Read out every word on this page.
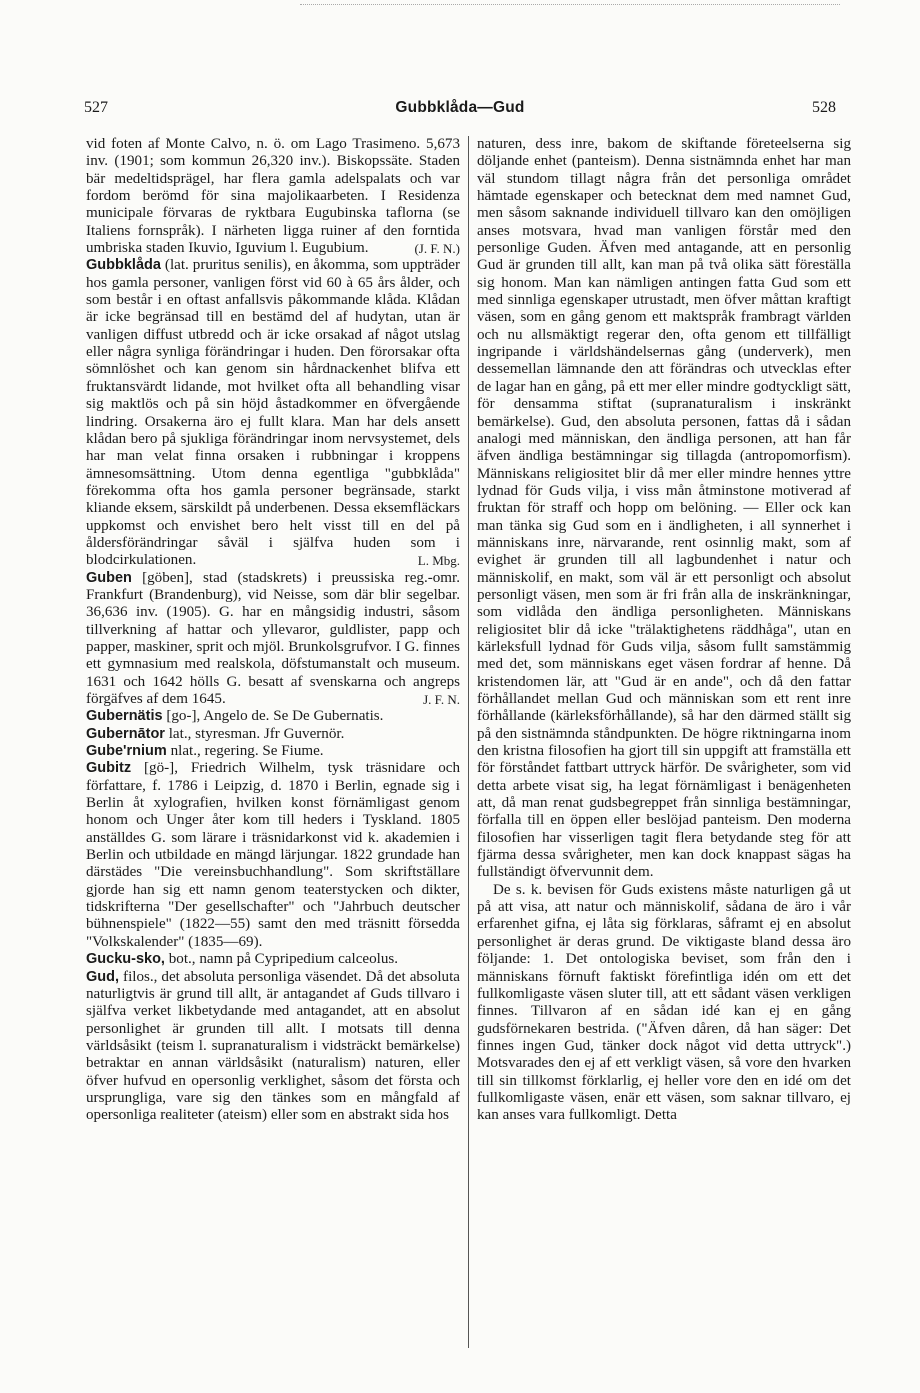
527	Gubbklåda—Gud	528

vid foten af Monte Calvo, n. ö. om Lago Trasimeno. 5,673 inv. (1901; som kommun 26,320 inv.). Biskopssäte. Staden bär medeltidsprägel, har flera gamla adelspalats och var fordom berömd för sina majolikaarbeten. I Residenza municipale förvaras de ryktbara Eugubinska taflorna (se Italiens fornspråk). I närheten ligga ruiner af den forntida umbriska staden Ikuvio, Iguvium l. Eugubium.	(J. F. N.)

Gubbklåda (lat. pruritus senilis), en åkomma, som uppträder hos gamla personer, vanligen först vid 60 à 65 års ålder, och som består i en oftast anfallsvis påkommande klåda. Klådan är icke begränsad till en bestämd del af hudytan, utan är vanligen diffust utbredd och är icke orsakad af något utslag eller några synliga förändringar i huden. Den förorsakar ofta sömnlöshet och kan genom sin hårdnackenhet blifva ett fruktansvärdt lidande, mot hvilket ofta all behandling visar sig maktlös och på sin höjd åstadkommer en öfvergående lindring. Orsakerna äro ej fullt klara. Man har dels ansett klådan bero på sjukliga förändringar inom nervsystemet, dels har man velat finna orsaken i rubbningar i kroppens ämnesomsättning. Utom denna egentliga "gubbklåda" förekomma ofta hos gamla personer begränsade, starkt kliande eksem, särskildt på underbenen. Dessa eksemfläckars uppkomst och envishet bero helt visst till en del på åldersförändringar såväl i själfva huden som i blodcirkulationen.	L. Mbg.

Guben [göben], stad (stadskrets) i preussiska reg.-omr. Frankfurt (Brandenburg), vid Neisse, som där blir segelbar. 36,636 inv. (1905). G. har en mångsidig industri, såsom tillverkning af hattar och yllevaror, guldlister, papp och papper, maskiner, sprit och mjöl. Brunkolsgrufvor. I G. finnes ett gymnasium med realskola, döfstumanstalt och museum. 1631 och 1642 hölls G. besatt af svenskarna och angreps förgäfves af dem 1645.	J. F. N.

Gubernätis [go-], Angelo de. Se De Gubernatis.

Gubernātor lat., styresman. Jfr Guvernör.

Gube'rnium nlat., regering. Se Fiume.

Gubitz [gö-], Friedrich Wilhelm, tysk träsnidare och författare, f. 1786 i Leipzig, d. 1870 i Berlin, egnade sig i Berlin åt xylografien, hvilken konst förnämligast genom honom och Unger åter kom till heders i Tyskland. 1805 anställdes G. som lärare i träsnidarkonst vid k. akademien i Berlin och utbildade en mängd lärjungar. 1822 grundade han därstädes "Die vereinsbuchhandlung". Som skriftställare gjorde han sig ett namn genom teaterstycken och dikter, tidskrifterna "Der gesellschafter" och "Jahrbuch deutscher bühnenspiele" (1822—55) samt den med träsnitt försedda "Volkskalender" (1835—69).

Gucku-sko, bot., namn på Cypripedium calceolus.

Gud, filos., det absoluta personliga väsendet. Då det absoluta naturligtvis är grund till allt, är antagandet af Guds tillvaro i själfva verket likbetydande med antagandet, att en absolut personlighet är grunden till allt. I motsats till denna världsåsikt (teism l. supranaturalism i vidsträckt bemärkelse) betraktar en annan världsåsikt (naturalism) naturen, eller öfver hufvud en opersonlig verklighet, såsom det första och ursprungliga, vare sig den tänkes som en mångfald af opersonliga realiteter (ateism) eller som en abstrakt sida hos

naturen, dess inre, bakom de skiftande företeelserna sig döljande enhet (panteism). Denna sistnämnda enhet har man väl stundom tillagt några från det personliga området hämtade egenskaper och betecknat dem med namnet Gud, men såsom saknande individuell tillvaro kan den omöjligen anses motsvara, hvad man vanligen förstår med den personlige Guden. Äfven med antagande, att en personlig Gud är grunden till allt, kan man på två olika sätt föreställa sig honom. Man kan nämligen antingen fatta Gud som ett med sinnliga egenskaper utrustadt, men öfver måttan kraftigt väsen, som en gång genom ett maktspråk frambragt världen och nu allsmäktigt regerar den, ofta genom ett tillfälligt ingripande i världshändelsernas gång (underverk), men dessemellan lämnande den att förändras och utvecklas efter de lagar han en gång, på ett mer eller mindre godtyckligt sätt, för densamma stiftat (supranaturalism i inskränkt bemärkelse). Gud, den absoluta personen, fattas då i sådan analogi med människan, den ändliga personen, att han får äfven ändliga bestämningar sig tillagda (antropomorfism). Människans religiositet blir då mer eller mindre hennes yttre lydnad för Guds vilja, i viss mån åtminstone motiverad af fruktan för straff och hopp om belöning. — Eller ock kan man tänka sig Gud som en i ändligheten, i all synnerhet i människans inre, närvarande, rent osinnlig makt, som af evighet är grunden till all lagbundenhet i natur och människolif, en makt, som väl är ett personligt och absolut personligt väsen, men som är fri från alla de inskränkningar, som vidlåda den ändliga personligheten. Människans religiositet blir då icke "trälaktighetens räddhåga", utan en kärleksfull lydnad för Guds vilja, såsom fullt samstämmig med det, som människans eget väsen fordrar af henne. Då kristendomen lär, att "Gud är en ande", och då den fattar förhållandet mellan Gud och människan som ett rent inre förhållande (kärleksförhållande), så har den därmed ställt sig på den sistnämnda ståndpunkten. De högre riktningarna inom den kristna filosofien ha gjort till sin uppgift att framställa ett för förståndet fattbart uttryck härför. De svårigheter, som vid detta arbete visat sig, ha legat förnämligast i benägenheten att, då man renat gudsbegreppet från sinnliga bestämningar, förfalla till en öppen eller beslöjad panteism. Den moderna filosofien har visserligen tagit flera betydande steg för att fjärma dessa svårigheter, men kan dock knappast sägas ha fullständigt öfvervunnit dem.

De s. k. bevisen för Guds existens måste naturligen gå ut på att visa, att natur och människolif, sådana de äro i vår erfarenhet gifna, ej låta sig förklaras, såframt ej en absolut personlighet är deras grund. De viktigaste bland dessa äro följande: 1. Det ontologiska beviset, som från den i människans förnuft faktiskt förefintliga idén om ett det fullkomligaste väsen sluter till, att ett sådant väsen verkligen finnes. Tillvaron af en sådan idé kan ej en gång gudsförnekaren bestrida. ("Äfven dåren, då han säger: Det finnes ingen Gud, tänker dock något vid detta uttryck".) Motsvarades den ej af ett verkligt väsen, så vore den hvarken till sin tillkomst förklarlig, ej heller vore den en idé om det fullkomligaste väsen, enär ett väsen, som saknar tillvaro, ej kan anses vara fullkomligt. Detta
